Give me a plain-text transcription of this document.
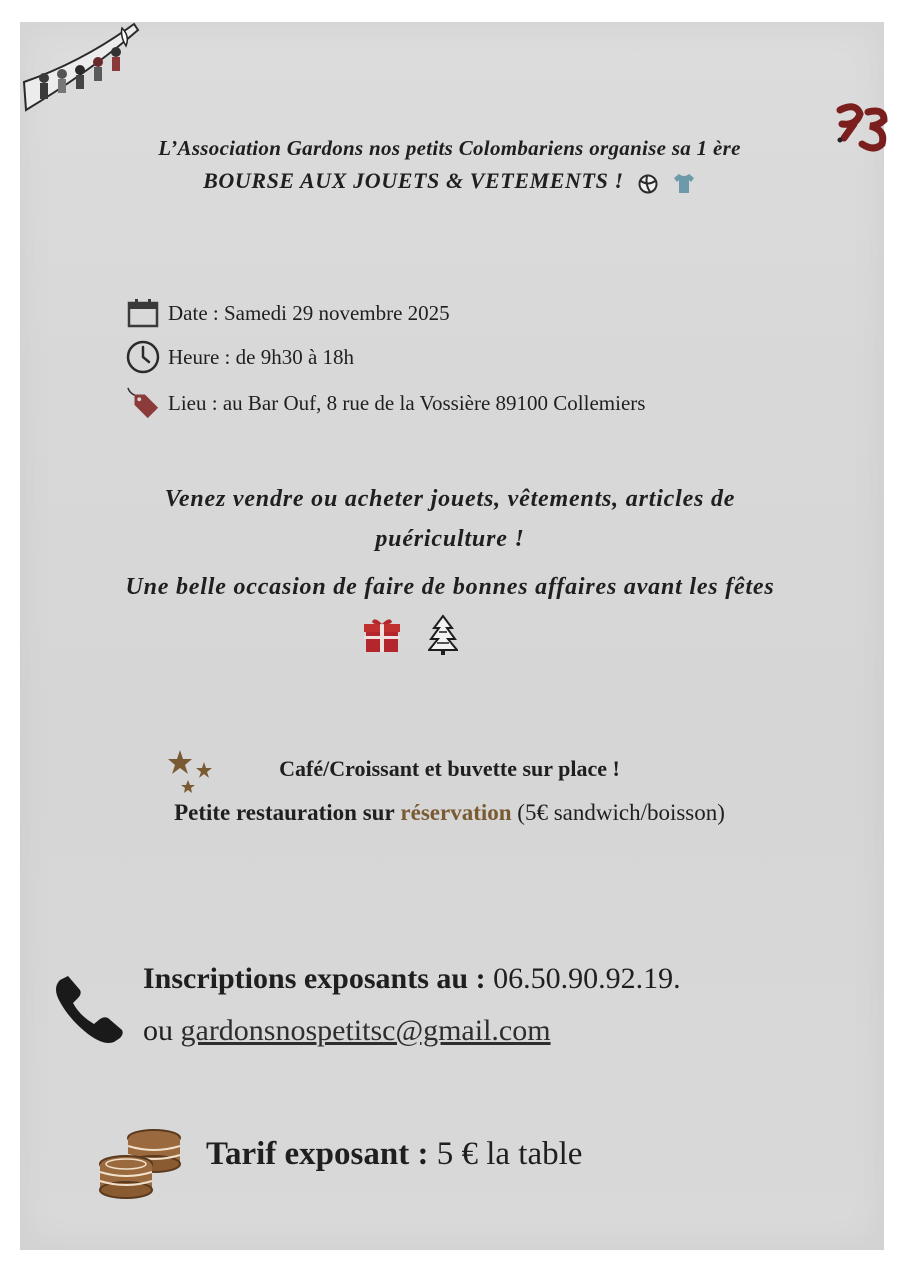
L’Association Gardons nos petits Colombariens organise sa 1 ère
BOURSE AUX JOUETS & VETEMENTS !
Date : Samedi 29 novembre 2025
Heure : de 9h30 à 18h
Lieu : au Bar Ouf, 8 rue de la Vossière 89100 Collemiers
Venez vendre ou acheter jouets, vêtements, articles de
puériculture !
Une belle occasion de faire de bonnes affaires avant les fêtes
Café/Croissant et buvette sur place !
Petite restauration sur réservation (5€ sandwich/boisson)
Inscriptions exposants au : 06.50.90.92.19.
ou gardonsnospetitsc@gmail.com
Tarif exposant : 5 € la table
